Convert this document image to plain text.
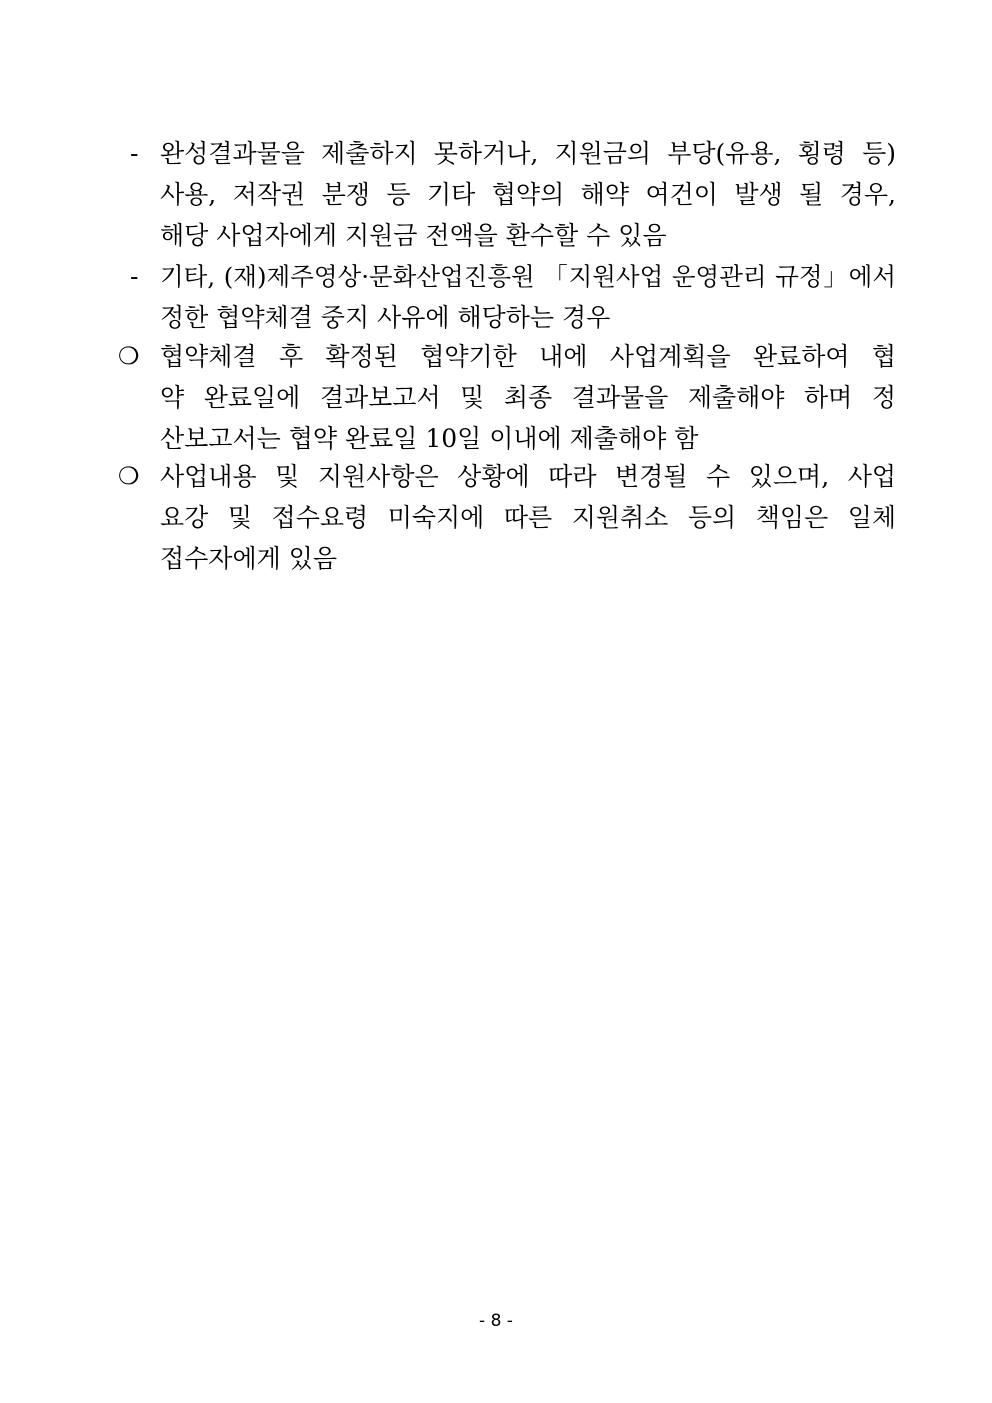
- 완성결과물을 제출하지 못하거나, 지원금의 부당(유용, 횡령 등)
사용, 저작권 분쟁 등 기타 협약의 해약 여건이 발생 될 경우,
해당 사업자에게 지원금 전액을 환수할 수 있음
- 기타, (재)제주영상·문화산업진흥원 「지원사업 운영관리 규정」에서
정한 협약체결 중지 사유에 해당하는 경우
❍ 협약체결 후 확정된 협약기한 내에 사업계획을 완료하여 협
약 완료일에 결과보고서 및 최종 결과물을 제출해야 하며 정
산보고서는 협약 완료일 10일 이내에 제출해야 함
❍ 사업내용 및 지원사항은 상황에 따라 변경될 수 있으며, 사업
요강 및 접수요령 미숙지에 따른 지원취소 등의 책임은 일체
접수자에게 있음
- 8 -
